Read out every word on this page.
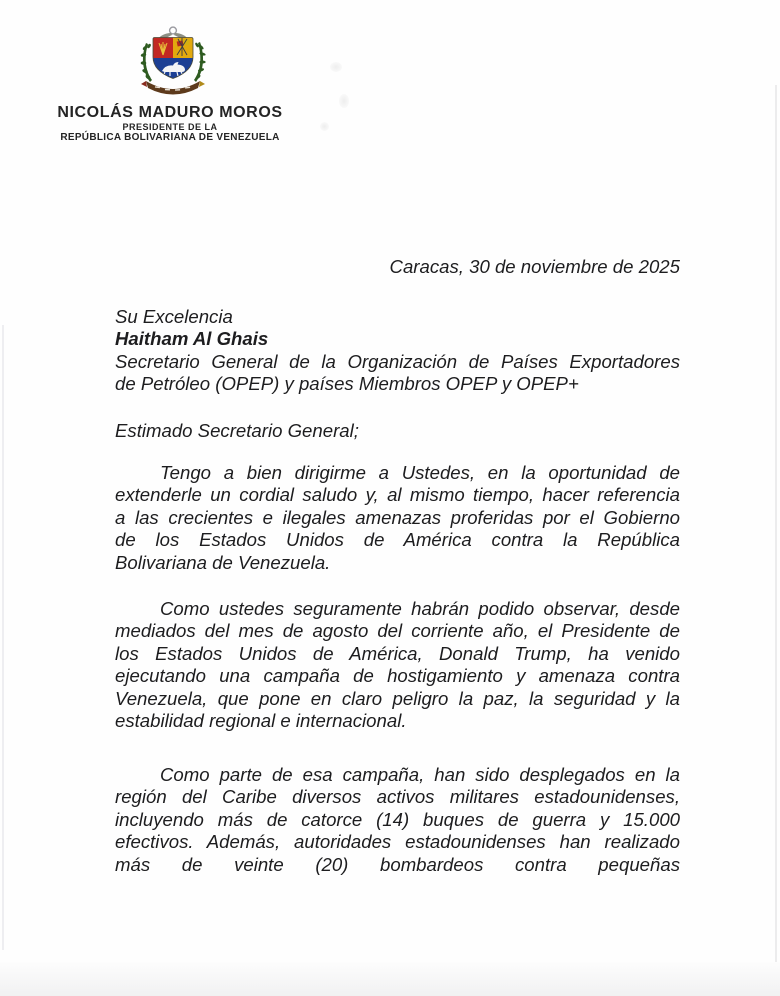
NICOLÁS MADURO MOROS
PRESIDENTE DE LA
REPÚBLICA BOLIVARIANA DE VENEZUELA
Caracas, 30 de noviembre de 2025
Su Excelencia
Haitham Al Ghais
Secretario General de la Organización de Países Exportadores
de Petróleo (OPEP) y países Miembros OPEP y OPEP+
Estimado Secretario General;
Tengo a bien dirigirme a Ustedes, en la oportunidad de
extenderle un cordial saludo y, al mismo tiempo, hacer referencia
a las crecientes e ilegales amenazas proferidas por el Gobierno
de los Estados Unidos de América contra la República
Bolivariana de Venezuela.
Como ustedes seguramente habrán podido observar, desde
mediados del mes de agosto del corriente año, el Presidente de
los Estados Unidos de América, Donald Trump, ha venido
ejecutando una campaña de hostigamiento y amenaza contra
Venezuela, que pone en claro peligro la paz, la seguridad y la
estabilidad regional e internacional.
Como parte de esa campaña, han sido desplegados en la
región del Caribe diversos activos militares estadounidenses,
incluyendo más de catorce (14) buques de guerra y 15.000
efectivos. Además, autoridades estadounidenses han realizado
más de veinte (20) bombardeos contra pequeñas
